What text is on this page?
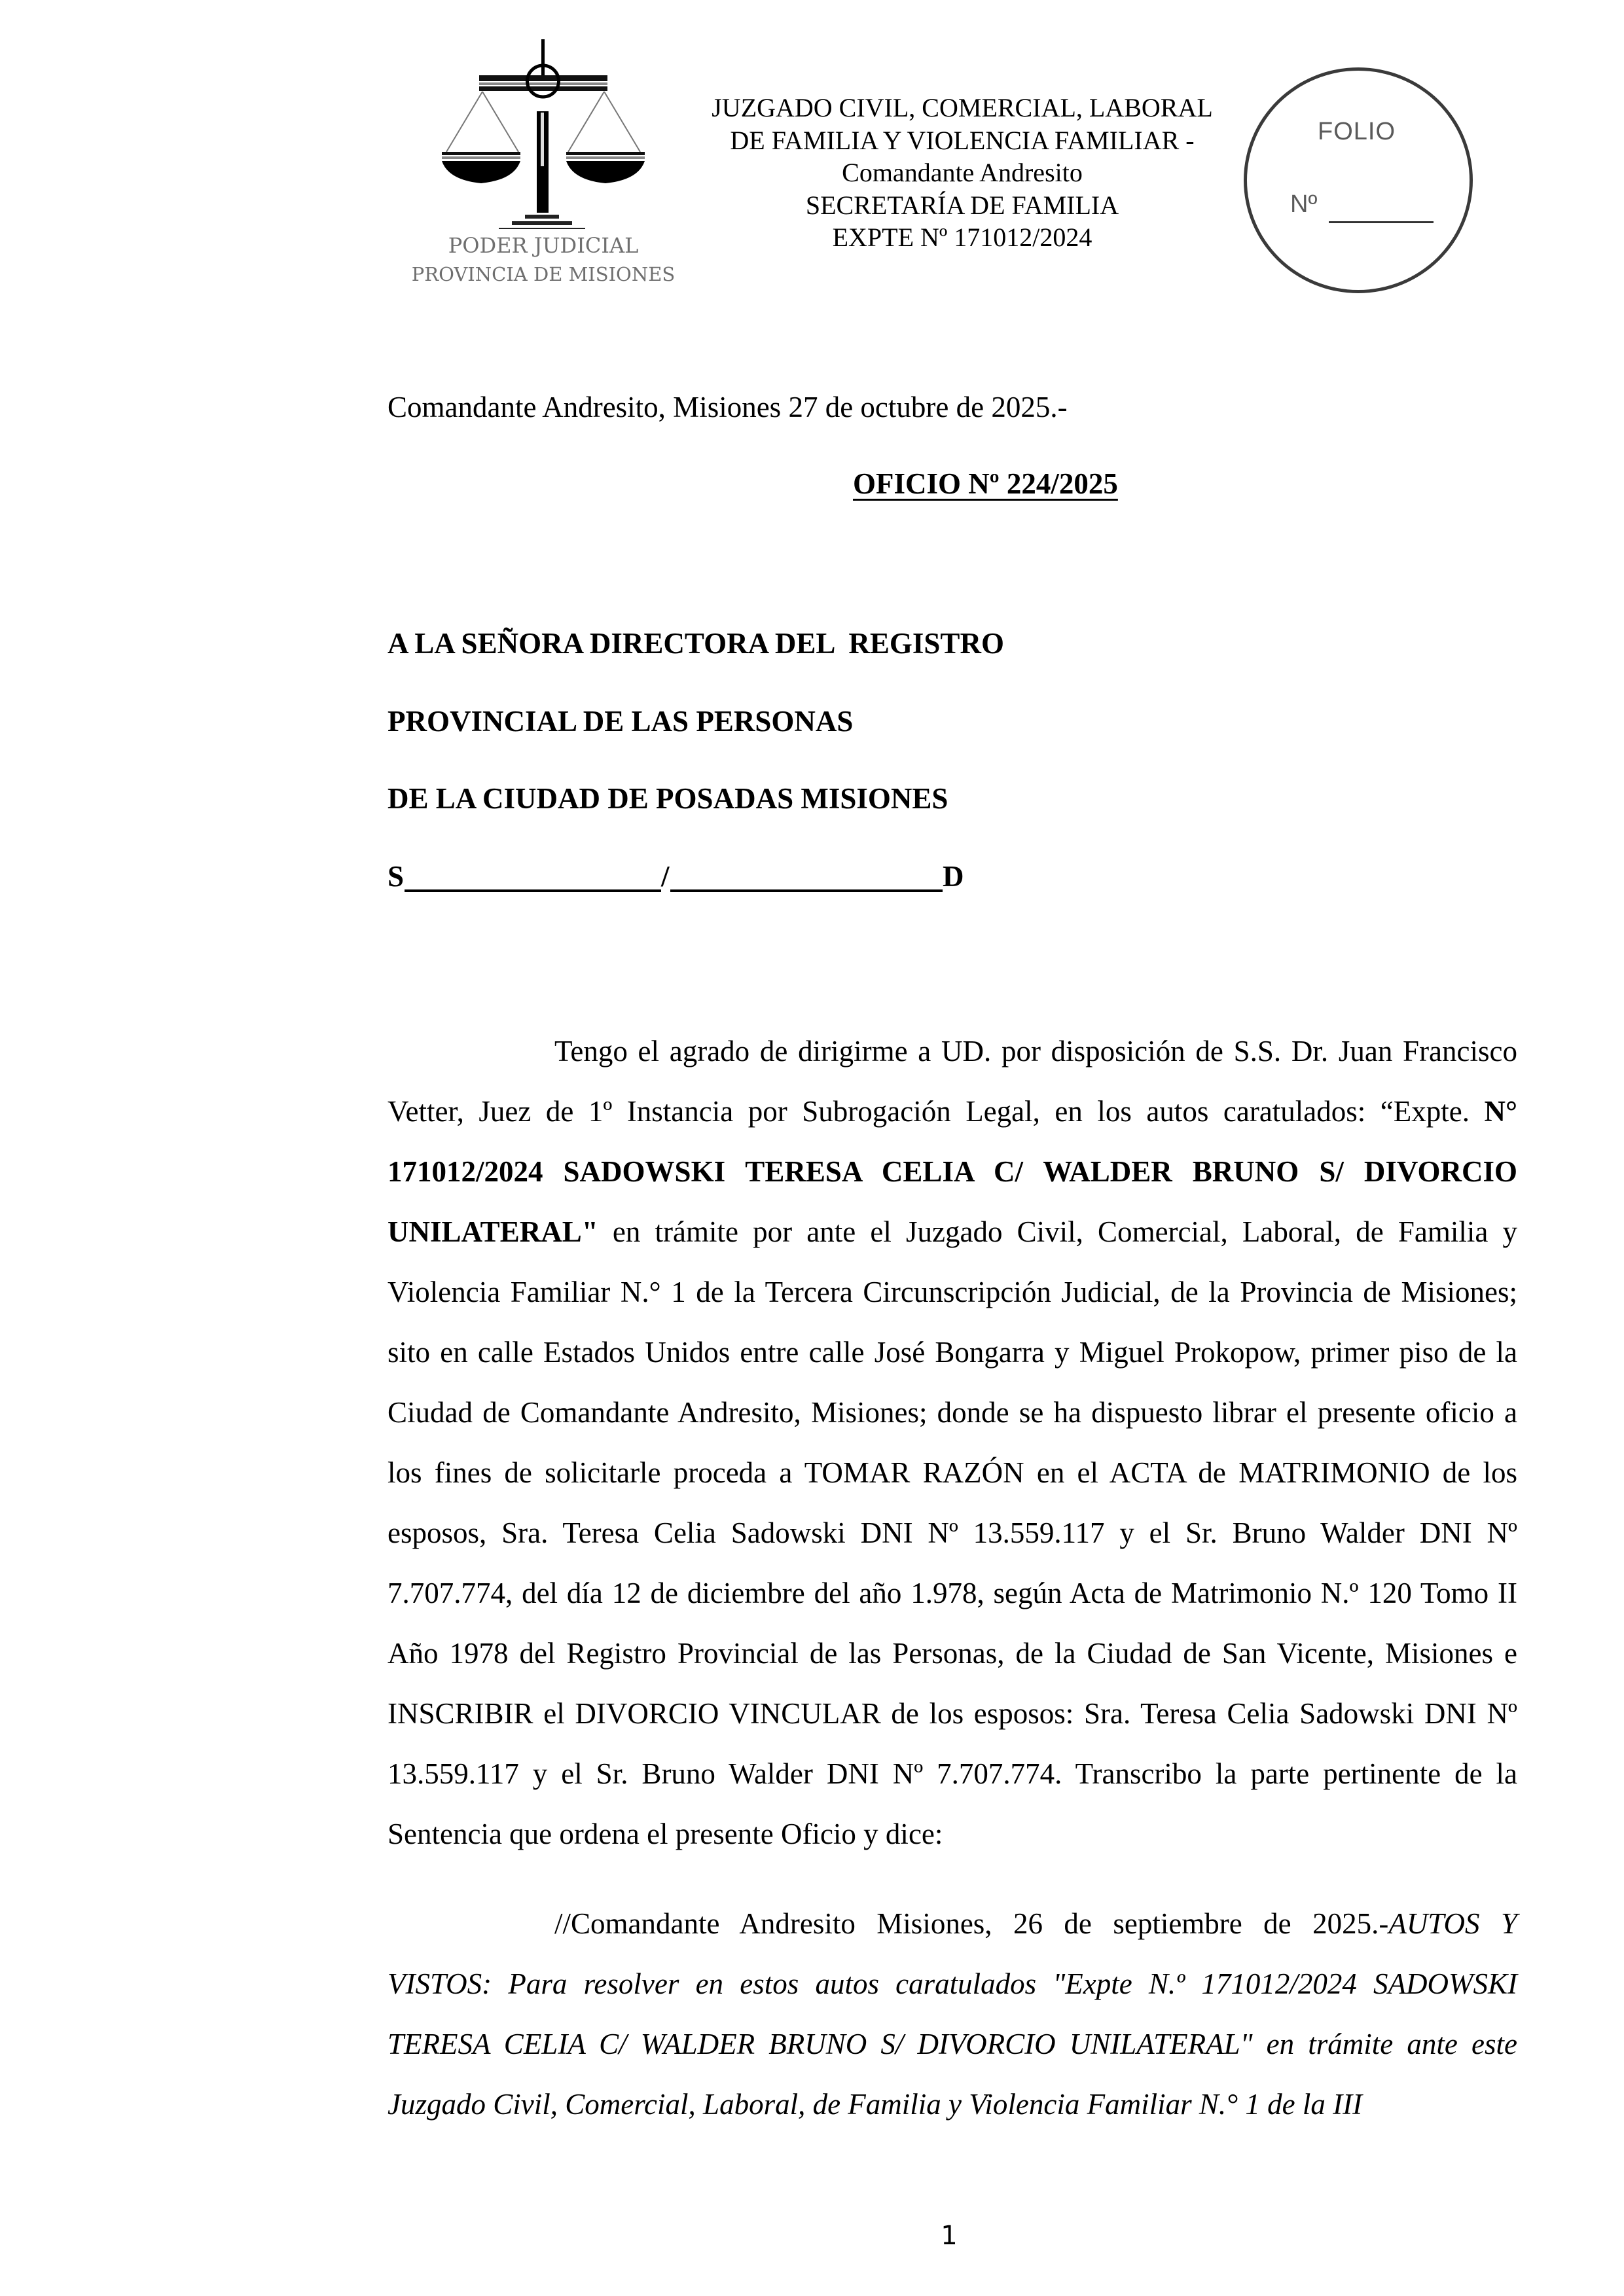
PODER JUDICIAL
PROVINCIA DE MISIONES
JUZGADO CIVIL, COMERCIAL, LABORAL
DE FAMILIA Y VIOLENCIA FAMILIAR -
Comandante Andresito
SECRETARÍA DE FAMILIA
EXPTE Nº 171012/2024
FOLIO
Nº
Comandante Andresito, Misiones 27 de octubre de 2025.-
OFICIO Nº 224/2025
A LA SEÑORA DIRECTORA DEL  REGISTRO
PROVINCIAL DE LAS PERSONAS
DE LA CIUDAD DE POSADAS MISIONES
S	/	D
Tengo el agrado de dirigirme a UD. por disposición de S.S. Dr. Juan Francisco Vetter, Juez de 1º Instancia por Subrogación Legal, en los autos caratulados: “Expte. N° 171012/2024 SADOWSKI TERESA CELIA C/ WALDER BRUNO S/ DIVORCIO UNILATERAL" en trámite por ante el Juzgado Civil, Comercial, Laboral, de Familia y Violencia Familiar N.° 1 de la Tercera Circunscripción Judicial, de la Provincia de Misiones; sito en calle Estados Unidos entre calle José Bongarra y Miguel Prokopow, primer piso de la Ciudad de Comandante Andresito, Misiones; donde se ha dispuesto librar el presente oficio a los fines de solicitarle proceda a TOMAR RAZÓN en el ACTA de MATRIMONIO de los esposos, Sra. Teresa Celia Sadowski DNI Nº 13.559.117 y el Sr. Bruno Walder DNI Nº 7.707.774, del día 12 de diciembre del año 1.978, según Acta de Matrimonio N.º 120 Tomo II Año 1978 del Registro Provincial de las Personas, de la Ciudad de San Vicente, Misiones e INSCRIBIR el DIVORCIO VINCULAR de los esposos: Sra. Teresa Celia Sadowski DNI Nº 13.559.117 y el Sr. Bruno Walder DNI Nº 7.707.774. Transcribo la parte pertinente de la Sentencia que ordena el presente Oficio y dice:
//Comandante Andresito Misiones, 26 de septiembre de 2025.-AUTOS Y VISTOS: Para resolver en estos autos caratulados "Expte N.º 171012/2024 SADOWSKI TERESA CELIA C/ WALDER BRUNO S/ DIVORCIO UNILATERAL" en trámite ante este Juzgado Civil, Comercial, Laboral, de Familia y Violencia Familiar N.° 1 de la III
1
